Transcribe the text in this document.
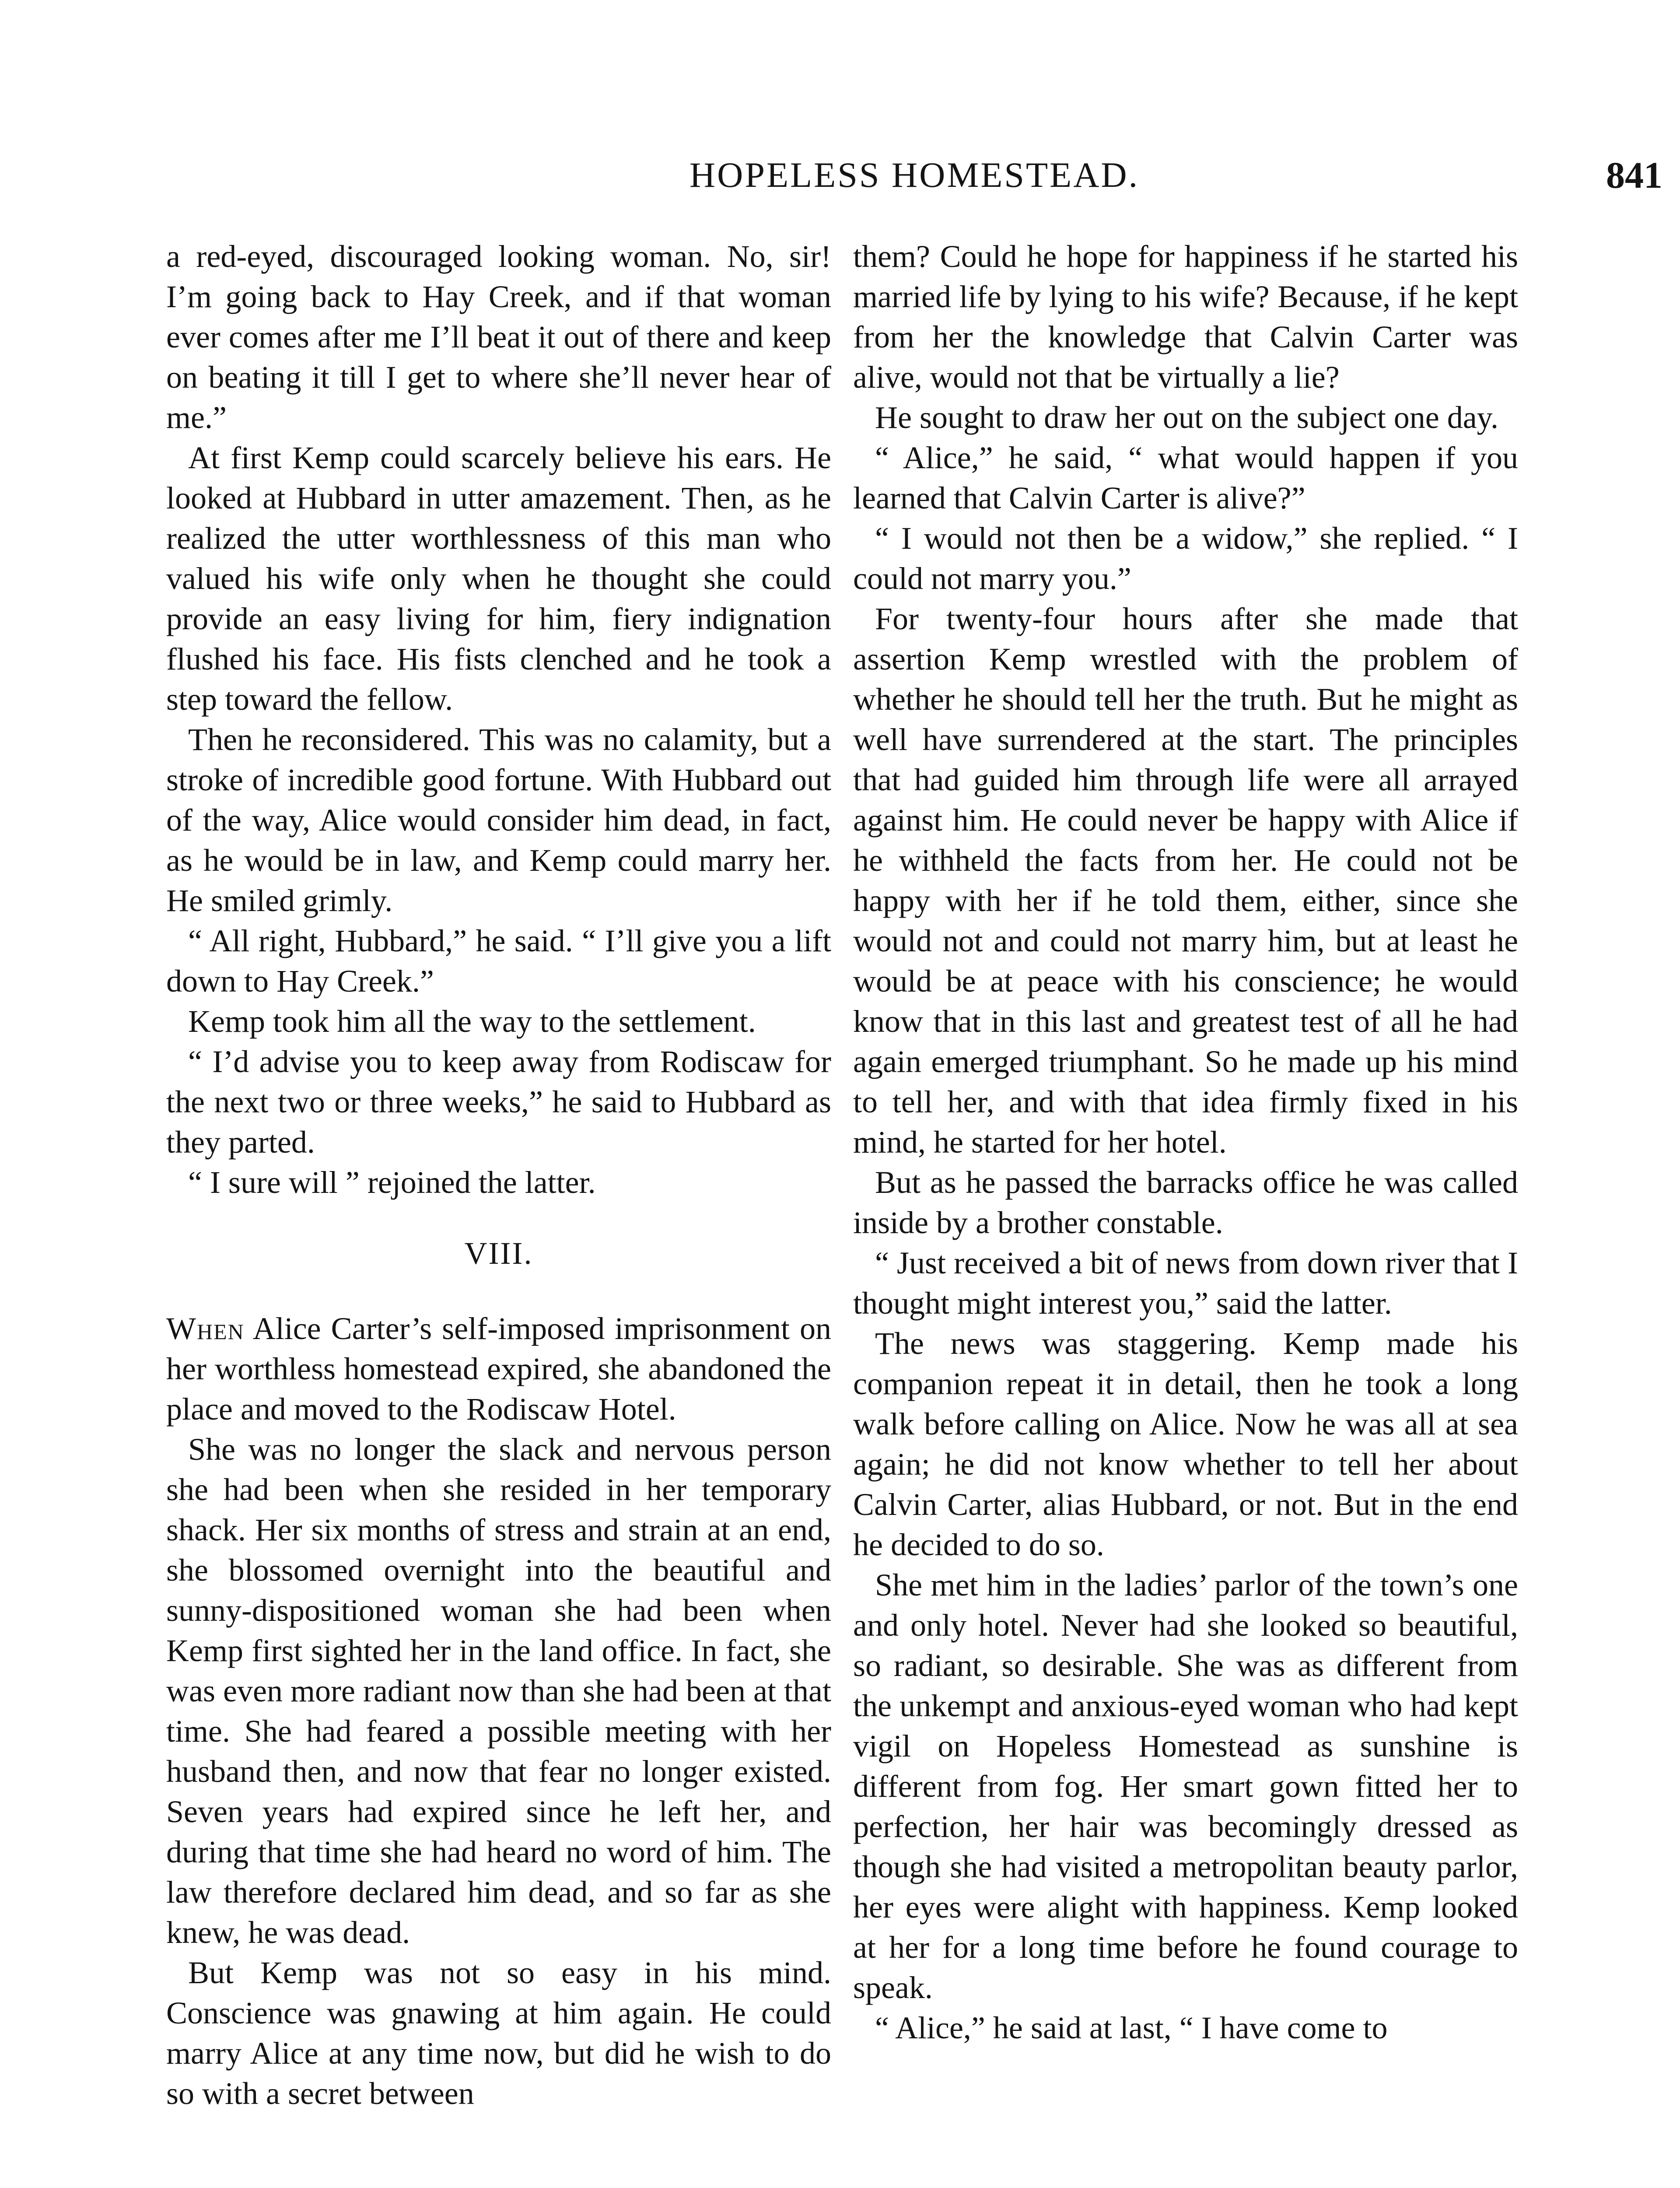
HOPELESS HOMESTEAD.	841

a red-eyed, discouraged looking woman. No, sir! I’m going back to Hay Creek, and if that woman ever comes after me I’ll beat it out of there and keep on beating it till I get to where she’ll never hear of me.”

At first Kemp could scarcely believe his ears. He looked at Hubbard in utter amazement. Then, as he realized the utter worthlessness of this man who valued his wife only when he thought she could provide an easy living for him, fiery indignation flushed his face. His fists clenched and he took a step toward the fellow.

Then he reconsidered. This was no calamity, but a stroke of incredible good fortune. With Hubbard out of the way, Alice would consider him dead, in fact, as he would be in law, and Kemp could marry her. He smiled grimly.

“ All right, Hubbard,” he said. “ I’ll give you a lift down to Hay Creek.”

Kemp took him all the way to the settlement.

“ I’d advise you to keep away from Rodiscaw for the next two or three weeks,” he said to Hubbard as they parted.

“ I sure will ” rejoined the latter.

VIII.

When Alice Carter’s self-imposed imprisonment on her worthless homestead expired, she abandoned the place and moved to the Rodiscaw Hotel.

She was no longer the slack and nervous person she had been when she resided in her temporary shack. Her six months of stress and strain at an end, she blossomed overnight into the beautiful and sunny-dispositioned woman she had been when Kemp first sighted her in the land office. In fact, she was even more radiant now than she had been at that time. She had feared a possible meeting with her husband then, and now that fear no longer existed. Seven years had expired since he left her, and during that time she had heard no word of him. The law therefore declared him dead, and so far as she knew, he was dead.

But Kemp was not so easy in his mind. Conscience was gnawing at him again. He could marry Alice at any time now, but did he wish to do so with a secret between

them? Could he hope for happiness if he started his married life by lying to his wife? Because, if he kept from her the knowledge that Calvin Carter was alive, would not that be virtually a lie?

He sought to draw her out on the subject one day.

“ Alice,” he said, “ what would happen if you learned that Calvin Carter is alive?”

“ I would not then be a widow,” she replied. “ I could not marry you.”

For twenty-four hours after she made that assertion Kemp wrestled with the problem of whether he should tell her the truth. But he might as well have surrendered at the start. The principles that had guided him through life were all arrayed against him. He could never be happy with Alice if he withheld the facts from her. He could not be happy with her if he told them, either, since she would not and could not marry him, but at least he would be at peace with his conscience; he would know that in this last and greatest test of all he had again emerged triumphant. So he made up his mind to tell her, and with that idea firmly fixed in his mind, he started for her hotel.

But as he passed the barracks office he was called inside by a brother constable.

“ Just received a bit of news from down river that I thought might interest you,” said the latter.

The news was staggering. Kemp made his companion repeat it in detail, then he took a long walk before calling on Alice. Now he was all at sea again; he did not know whether to tell her about Calvin Carter, alias Hubbard, or not. But in the end he decided to do so.

She met him in the ladies’ parlor of the town’s one and only hotel. Never had she looked so beautiful, so radiant, so desirable. She was as different from the unkempt and anxious-eyed woman who had kept vigil on Hopeless Homestead as sunshine is different from fog. Her smart gown fitted her to perfection, her hair was becomingly dressed as though she had visited a metropolitan beauty parlor, her eyes were alight with happiness. Kemp looked at her for a long time before he found courage to speak.

“ Alice,” he said at last, “ I have come to
